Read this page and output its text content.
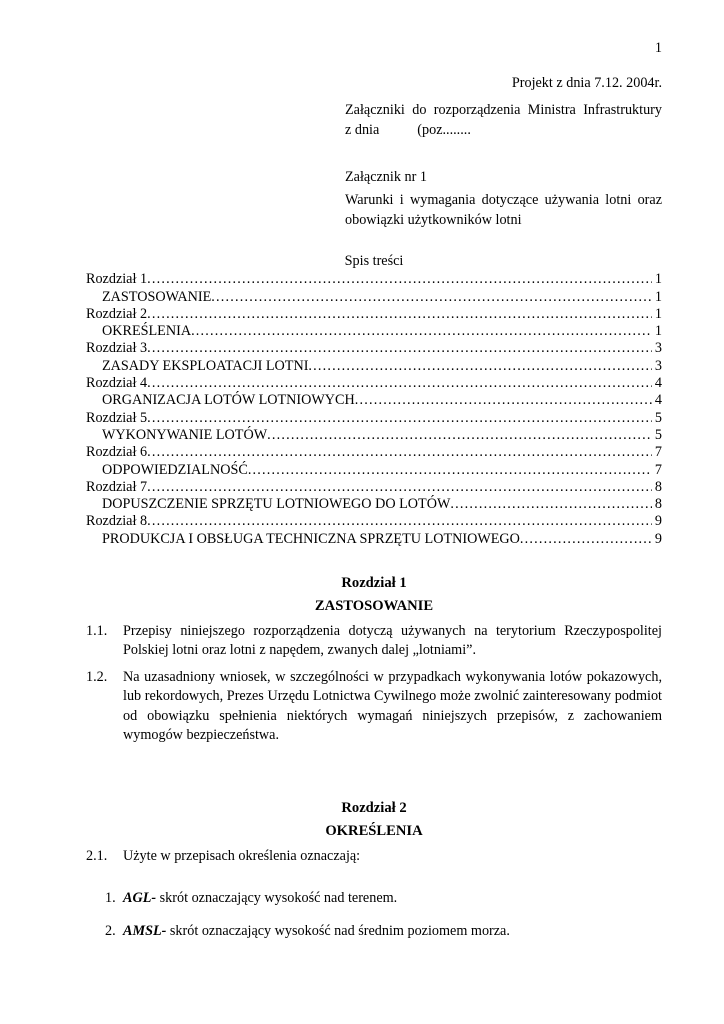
1
Projekt z dnia 7.12. 2004r.
Załączniki do rozporządzenia Ministra Infrastruktury
z dnia	(poz........
Załącznik nr 1
Warunki i wymagania dotyczące używania lotni oraz obowiązki użytkowników lotni
Spis treści
Rozdział 1 .....	1
ZASTOSOWANIE .....	1
Rozdział 2 .....	1
OKREŚLENIA .....	1
Rozdział 3 .....	3
ZASADY EKSPLOATACJI LOTNI .....	3
Rozdział 4 .....	4
ORGANIZACJA LOTÓW LOTNIOWYCH .....	4
Rozdział 5 .....	5
WYKONYWANIE LOTÓW .....	5
Rozdział 6 .....	7
ODPOWIEDZIALNOŚĆ .....	7
Rozdział 7 .....	8
DOPUSZCZENIE SPRZĘTU LOTNIOWEGO DO LOTÓW .....	8
Rozdział 8 .....	9
PRODUKCJA I OBSŁUGA TECHNICZNA SPRZĘTU LOTNIOWEGO .....	9
Rozdział 1
ZASTOSOWANIE
1.1.	Przepisy niniejszego rozporządzenia dotyczą używanych na terytorium Rzeczypospolitej Polskiej lotni oraz lotni z napędem, zwanych dalej „lotniami”.
1.2.	Na uzasadniony wniosek, w szczególności w przypadkach wykonywania lotów pokazowych, lub rekordowych, Prezes Urzędu Lotnictwa Cywilnego może zwolnić zainteresowany podmiot od obowiązku spełnienia niektórych wymagań niniejszych przepisów, z zachowaniem wymogów bezpieczeństwa.
Rozdział 2
OKREŚLENIA
2.1.	Użyte w przepisach określenia oznaczają:
1. AGL- skrót oznaczający wysokość nad terenem.
2. AMSL- skrót oznaczający wysokość nad średnim poziomem morza.
